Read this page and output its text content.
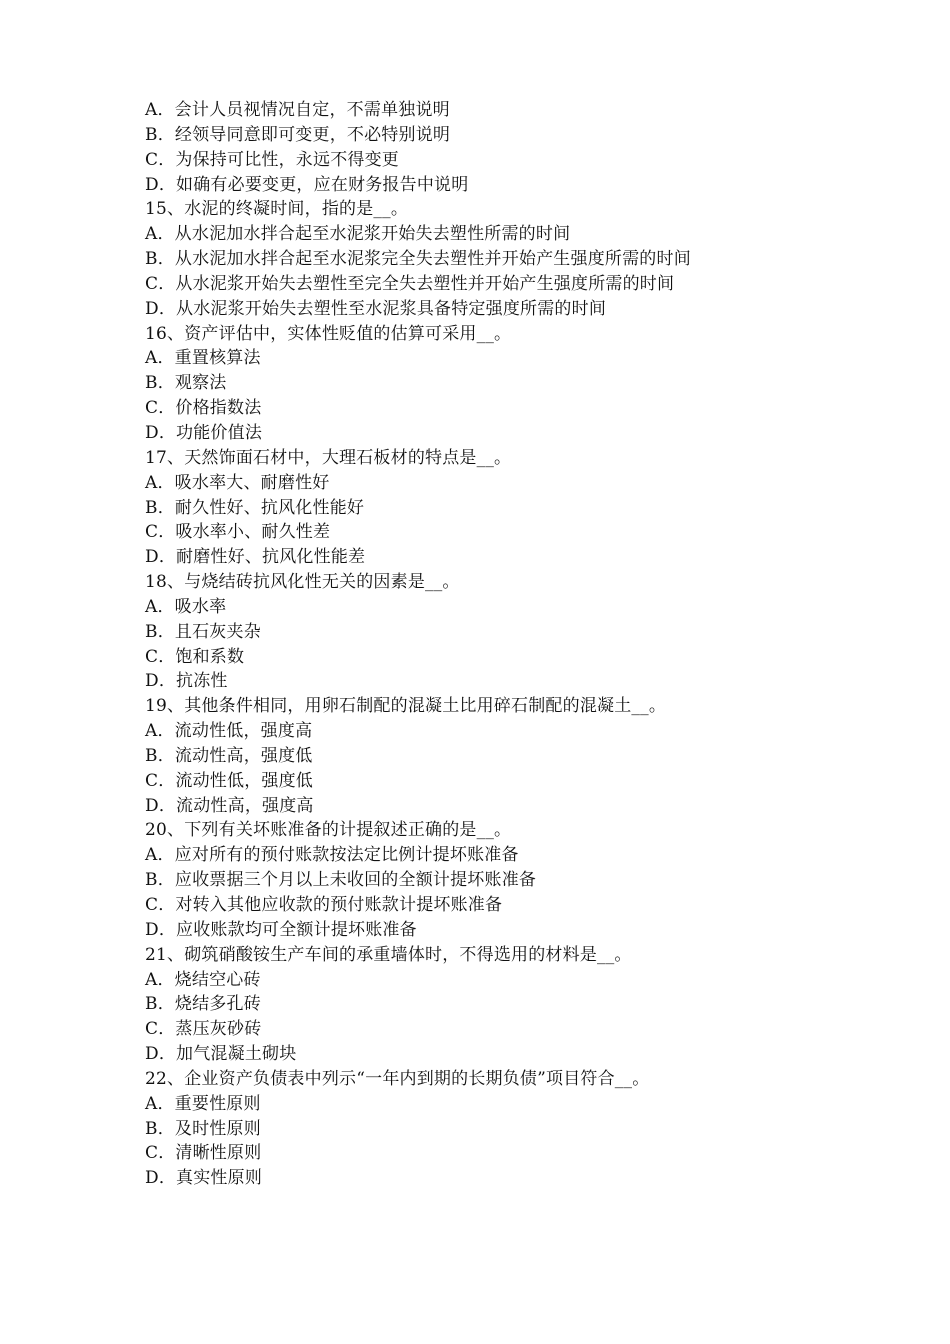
A．会计人员视情况自定，不需单独说明
B．经领导同意即可变更，不必特别说明
C．为保持可比性，永远不得变更
D．如确有必要变更，应在财务报告中说明
15、水泥的终凝时间，指的是__。
A．从水泥加水拌合起至水泥浆开始失去塑性所需的时间
B．从水泥加水拌合起至水泥浆完全失去塑性并开始产生强度所需的时间
C．从水泥浆开始失去塑性至完全失去塑性并开始产生强度所需的时间
D．从水泥浆开始失去塑性至水泥浆具备特定强度所需的时间
16、资产评估中，实体性贬值的估算可采用__。
A．重置核算法
B．观察法
C．价格指数法
D．功能价值法
17、天然饰面石材中，大理石板材的特点是__。
A．吸水率大、耐磨性好
B．耐久性好、抗风化性能好
C．吸水率小、耐久性差
D．耐磨性好、抗风化性能差
18、与烧结砖抗风化性无关的因素是__。
A．吸水率
B．且石灰夹杂
C．饱和系数
D．抗冻性
19、其他条件相同，用卵石制配的混凝土比用碎石制配的混凝土__。
A．流动性低，强度高
B．流动性高，强度低
C．流动性低，强度低
D．流动性高，强度高
20、下列有关坏账准备的计提叙述正确的是__。
A．应对所有的预付账款按法定比例计提坏账准备
B．应收票据三个月以上未收回的全额计提坏账准备
C．对转入其他应收款的预付账款计提坏账准备
D．应收账款均可全额计提坏账准备
21、砌筑硝酸铵生产车间的承重墙体时，不得选用的材料是__。
A．烧结空心砖
B．烧结多孔砖
C．蒸压灰砂砖
D．加气混凝土砌块
22、企业资产负债表中列示“一年内到期的长期负债”项目符合__。
A．重要性原则
B．及时性原则
C．清晰性原则
D．真实性原则
